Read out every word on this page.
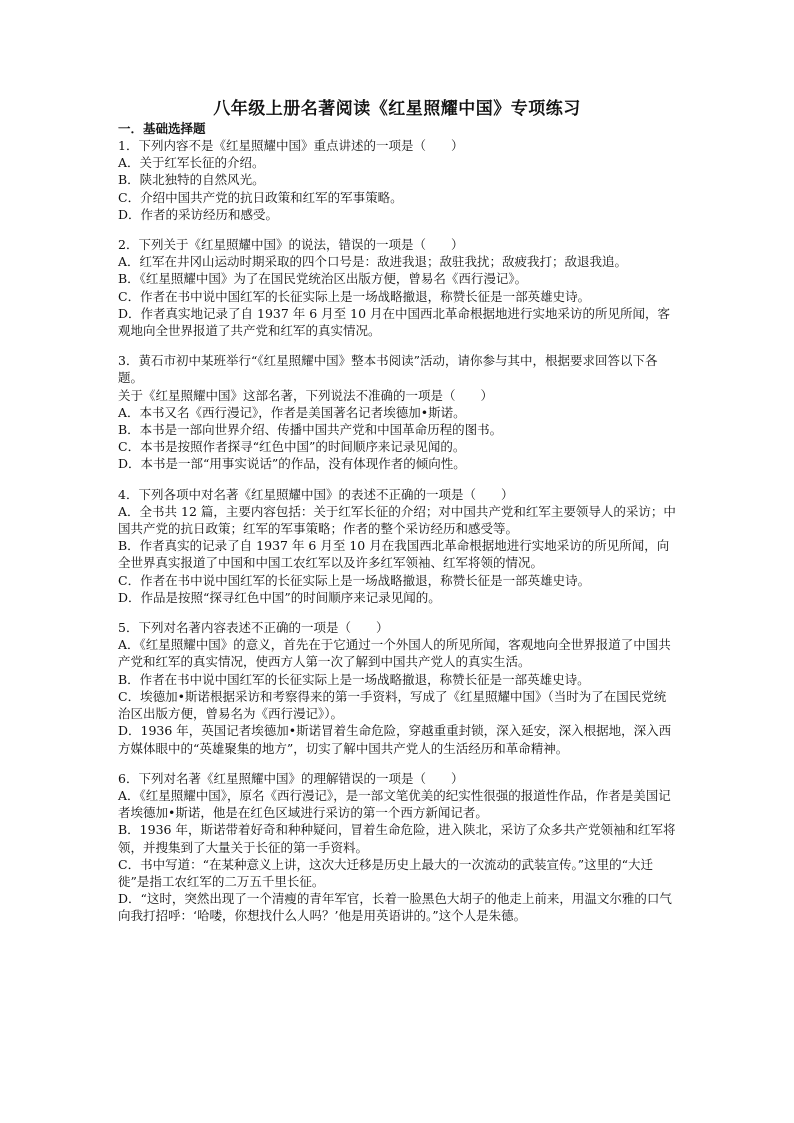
八年级上册名著阅读《红星照耀中国》专项练习

一．基础选择题

1．下列内容不是《红星照耀中国》重点讲述的一项是（　　）

A．关于红军长征的介绍。

B．陕北独特的自然风光。

C．介绍中国共产党的抗日政策和红军的军事策略。

D．作者的采访经历和感受。

2．下列关于《红星照耀中国》的说法，错误的一项是（　　）

A．红军在井冈山运动时期采取的四个口号是：敌进我退；敌驻我扰；敌疲我打；敌退我追。

B．《红星照耀中国》为了在国民党统治区出版方便，曾易名《西行漫记》。

C．作者在书中说中国红军的长征实际上是一场战略撤退，称赞长征是一部英雄史诗。

D．作者真实地记录了自 1937 年 6 月至 10 月在中国西北革命根据地进行实地采访的所见所闻，客观地向全世界报道了共产党和红军的真实情况。

3．黄石市初中某班举行“《红星照耀中国》整本书阅读”活动，请你参与其中，根据要求回答以下各题。

关于《红星照耀中国》这部名著，下列说法不准确的一项是（　　）

A．本书又名《西行漫记》，作者是美国著名记者埃德加•斯诺。

B．本书是一部向世界介绍、传播中国共产党和中国革命历程的图书。

C．本书是按照作者探寻“红色中国”的时间顺序来记录见闻的。

D．本书是一部“用事实说话”的作品，没有体现作者的倾向性。

4．下列各项中对名著《红星照耀中国》的表述不正确的一项是（　　）

A．全书共 12 篇，主要内容包括：关于红军长征的介绍；对中国共产党和红军主要领导人的采访；中国共产党的抗日政策；红军的军事策略；作者的整个采访经历和感受等。

B．作者真实的记录了自 1937 年 6 月至 10 月在我国西北革命根据地进行实地采访的所见所闻，向全世界真实报道了中国和中国工农红军以及许多红军领袖、红军将领的情况。

C．作者在书中说中国红军的长征实际上是一场战略撤退，称赞长征是一部英雄史诗。

D．作品是按照“探寻红色中国”的时间顺序来记录见闻的。

5．下列对名著内容表述不正确的一项是（　　）

A．《红星照耀中国》的意义，首先在于它通过一个外国人的所见所闻，客观地向全世界报道了中国共产党和红军的真实情况，使西方人第一次了解到中国共产党人的真实生活。

B．作者在书中说中国红军的长征实际上是一场战略撤退，称赞长征是一部英雄史诗。

C．埃德加•斯诺根据采访和考察得来的第一手资料，写成了《红星照耀中国》（当时为了在国民党统治区出版方便，曾易名为《西行漫记》）。

D．1936 年，英国记者埃德加•斯诺冒着生命危险，穿越重重封锁，深入延安，深入根据地，深入西方媒体眼中的“英雄聚集的地方”，切实了解中国共产党人的生活经历和革命精神。

6．下列对名著《红星照耀中国》的理解错误的一项是（　　）

A．《红星照耀中国》，原名《西行漫记》，是一部文笔优美的纪实性很强的报道性作品，作者是美国记者埃德加•斯诺，他是在红色区域进行采访的第一个西方新闻记者。

B．1936 年，斯诺带着好奇和种种疑问，冒着生命危险，进入陕北，采访了众多共产党领袖和红军将领，并搜集到了大量关于长征的第一手资料。

C．书中写道：“在某种意义上讲，这次大迁移是历史上最大的一次流动的武装宣传。”这里的“大迁徙”是指工农红军的二万五千里长征。

D．“这时，突然出现了一个清瘦的青年军官，长着一脸黑色大胡子的他走上前来，用温文尔雅的口气向我打招呼：‘哈喽，你想找什么人吗？’他是用英语讲的。”这个人是朱德。
